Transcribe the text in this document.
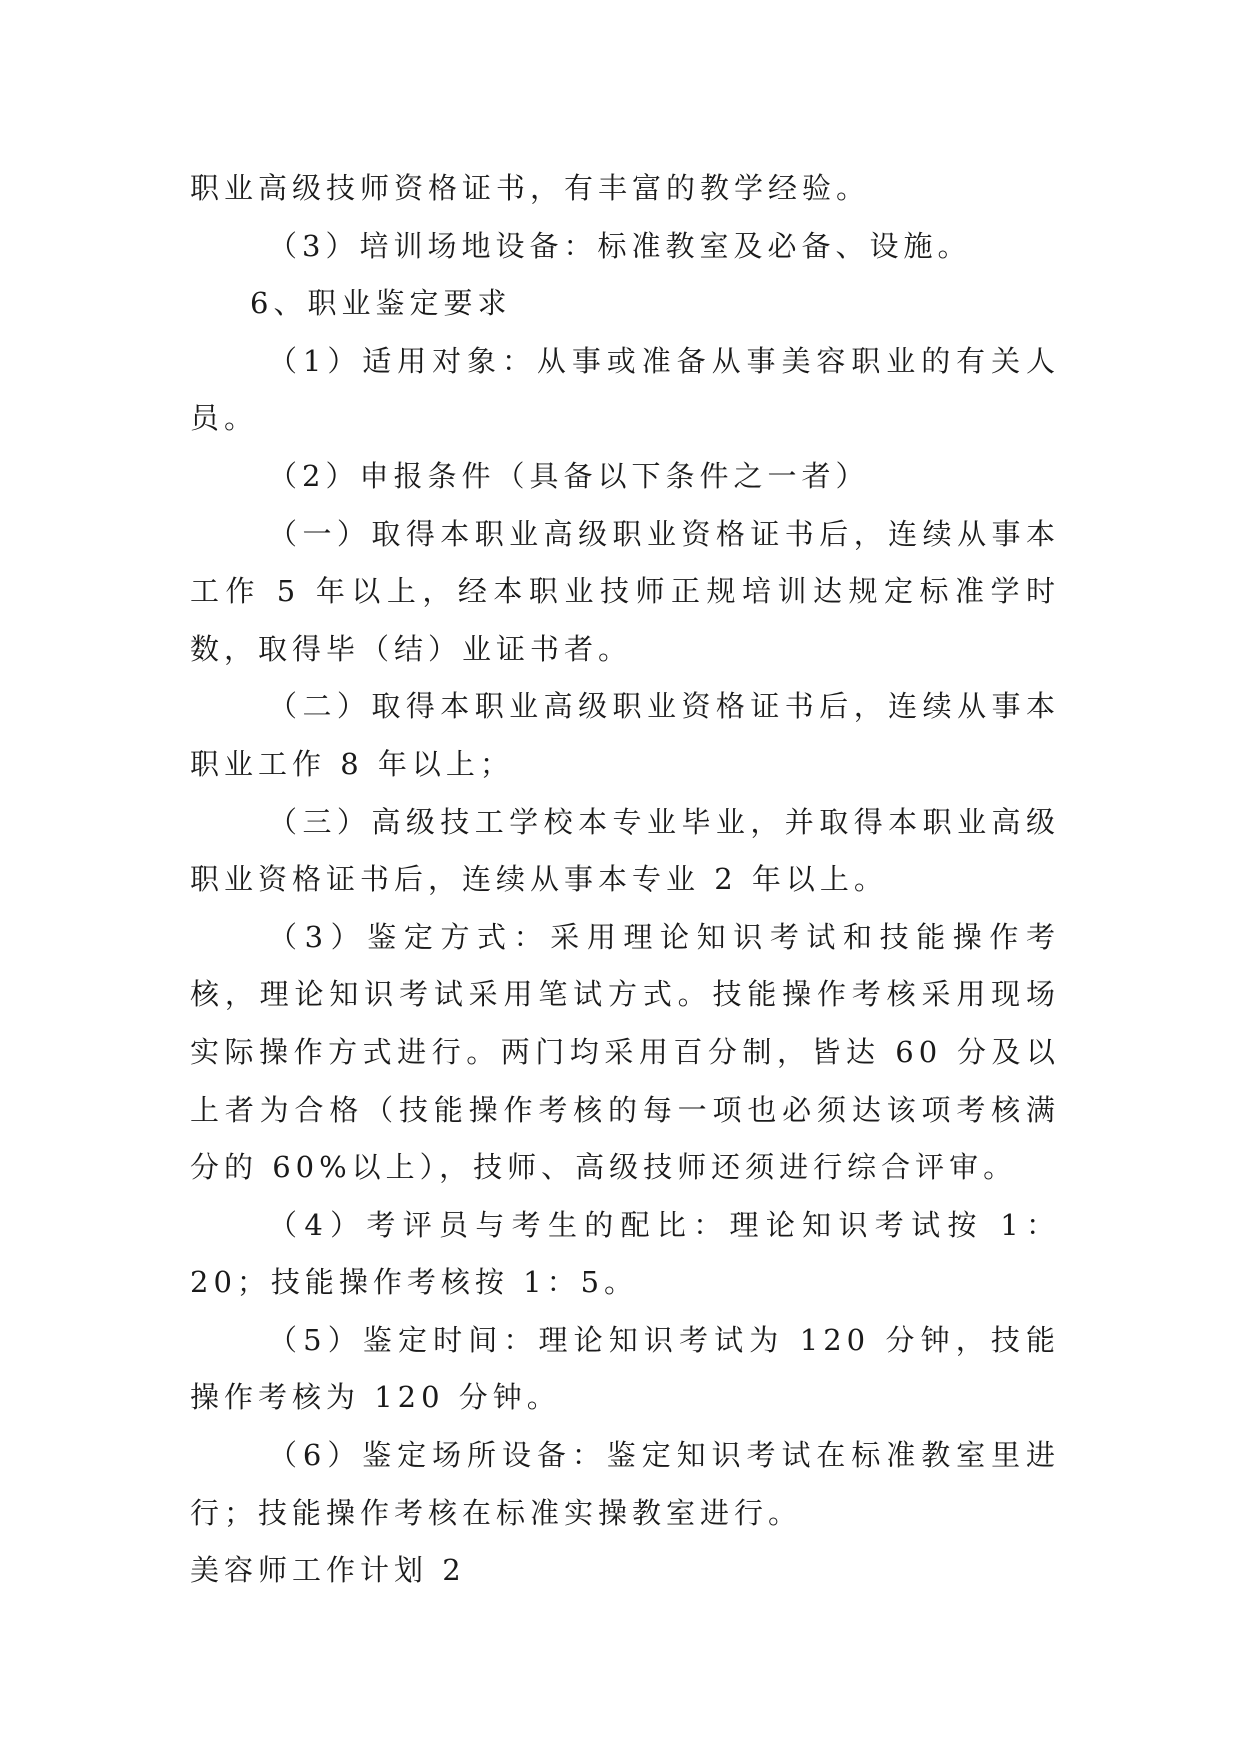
职业高级技师资格证书，有丰富的教学经验。

（3）培训场地设备：标准教室及必备、设施。

6、职业鉴定要求

（1）适用对象：从事或准备从事美容职业的有关人员。

（2）申报条件（具备以下条件之一者）

（一）取得本职业高级职业资格证书后，连续从事本工作 5 年以上，经本职业技师正规培训达规定标准学时数，取得毕（结）业证书者。

（二）取得本职业高级职业资格证书后，连续从事本职业工作 8 年以上；

（三）高级技工学校本专业毕业，并取得本职业高级职业资格证书后，连续从事本专业 2 年以上。

（3）鉴定方式：采用理论知识考试和技能操作考核，理论知识考试采用笔试方式。技能操作考核采用现场实际操作方式进行。两门均采用百分制，皆达 60 分及以上者为合格（技能操作考核的每一项也必须达该项考核满分的 60%以上），技师、高级技师还须进行综合评审。

（4）考评员与考生的配比：理论知识考试按 1：20；技能操作考核按 1：5。

（5）鉴定时间：理论知识考试为 120 分钟，技能操作考核为 120 分钟。

（6）鉴定场所设备：鉴定知识考试在标准教室里进行；技能操作考核在标准实操教室进行。

美容师工作计划 2
